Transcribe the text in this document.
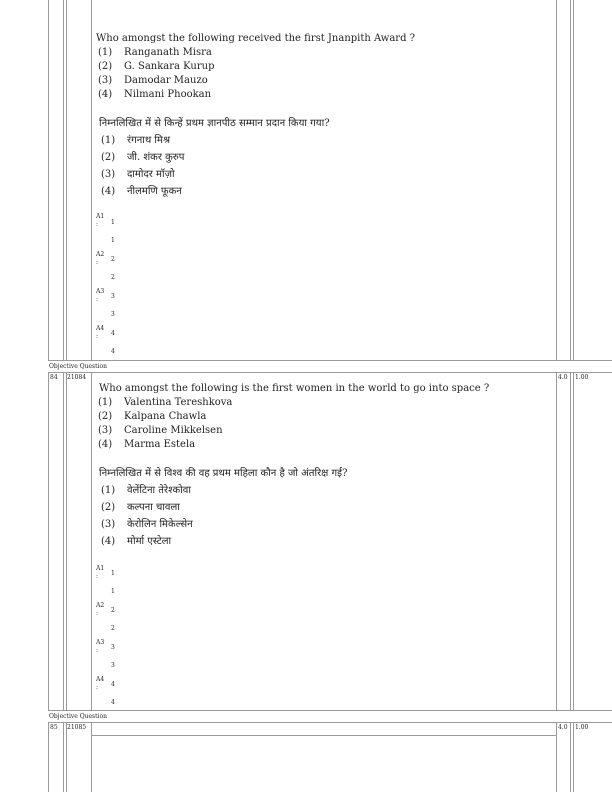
Who amongst the following received the first Jnanpith Award ?
(1) Ranganath Misra
(2) G. Sankara Kurup
(3) Damodar Mauzo
(4) Nilmani Phookan
निम्नलिखित में से किन्हें प्रथम ज्ञानपीठ सम्मान प्रदान किया गया?
(1) रंगनाथ मिश्र
(2) जी. शंकर कुरुप
(3) दामोदर मॉज़ो
(4) नीलमणि फूकन
A1
: 1
1
A2
: 2
2
A3
: 3
3
A4
: 4
4
Objective Question
84 21084	4.0 1.00
Who amongst the following is the first women in the world to go into space ?
(1) Valentina Tereshkova
(2) Kalpana Chawla
(3) Caroline Mikkelsen
(4) Marma Estela
निम्नलिखित में से विश्व की वह प्रथम महिला कौन है जो अंतरिक्ष गई?
(1) वेलेंटिना तेरेश्कोवा
(2) कल्पना चावला
(3) केरोलिन मिकेल्सेन
(4) मोर्मा एस्टेला
A1
: 1
1
A2
: 2
2
A3
: 3
3
A4
: 4
4
Objective Question
85 21085	4.0 1.00
